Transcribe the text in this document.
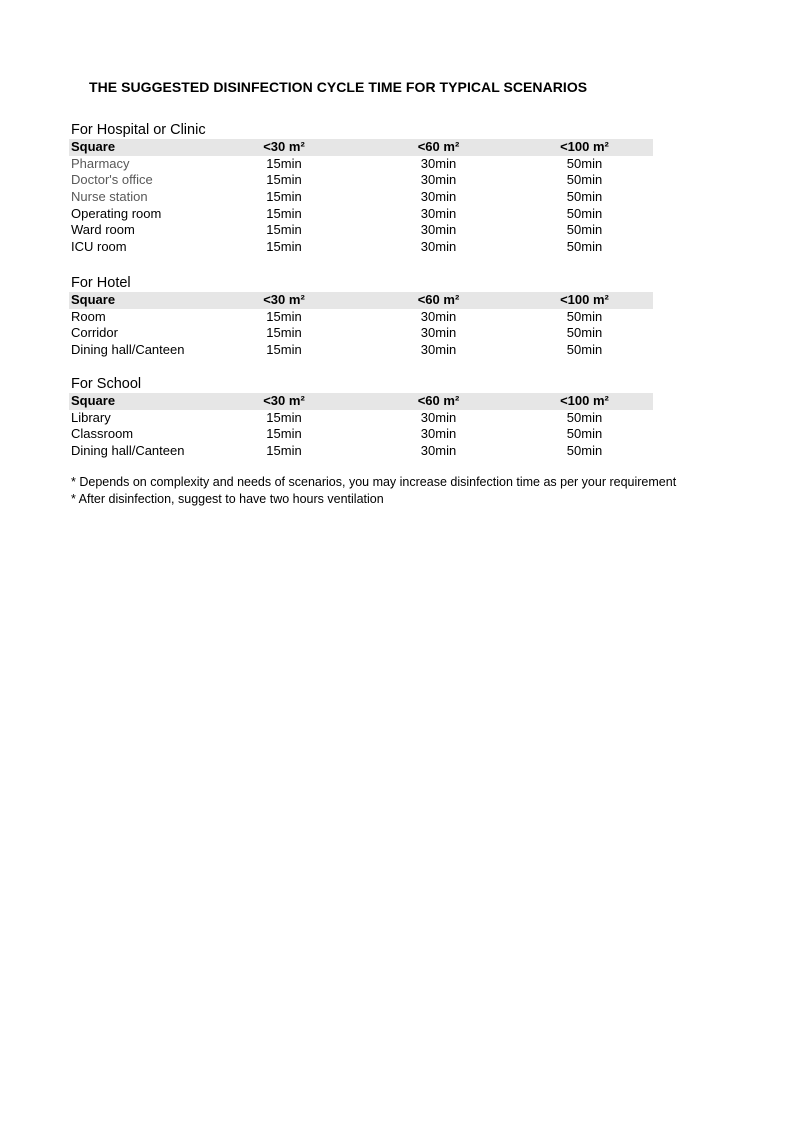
THE SUGGESTED DISINFECTION CYCLE TIME FOR TYPICAL SCENARIOS
For Hospital or Clinic
Square	<30 m²	<60 m²	<100 m²
Pharmacy	15min	30min	50min
Doctor's office	15min	30min	50min
Nurse station	15min	30min	50min
Operating room	15min	30min	50min
Ward room	15min	30min	50min
ICU room	15min	30min	50min
For Hotel
Square	<30 m²	<60 m²	<100 m²
Room	15min	30min	50min
Corridor	15min	30min	50min
Dining hall/Canteen	15min	30min	50min
For School
Square	<30 m²	<60 m²	<100 m²
Library	15min	30min	50min
Classroom	15min	30min	50min
Dining hall/Canteen	15min	30min	50min
* Depends on complexity and needs of scenarios, you may increase disinfection time as per your requirement
* After disinfection, suggest to have two hours ventilation
